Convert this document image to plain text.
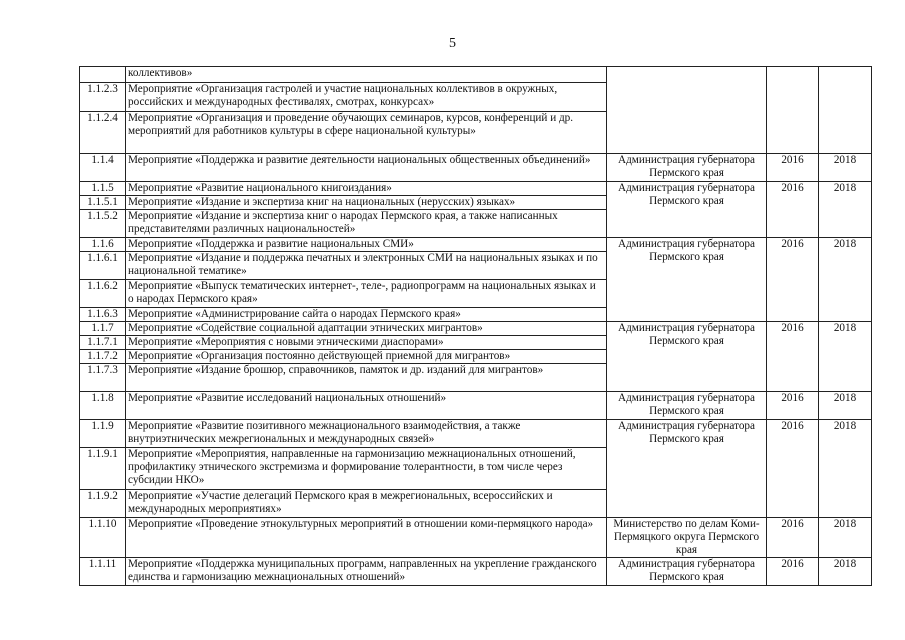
5
	коллективов»			
1.1.2.3	Мероприятие «Организация гастролей и участие национальных коллективов в окружных, российских и международных фестивалях, смотрах, конкурсах»			
1.1.2.4	Мероприятие «Организация и проведение обучающих семинаров, курсов, конференций и др. мероприятий для работников культуры в сфере национальной культуры»			
1.1.4	Мероприятие «Поддержка и развитие деятельности национальных общественных объединений»	Администрация губернатора Пермского края	2016	2018
1.1.5	Мероприятие «Развитие национального книгоиздания»	Администрация губернатора Пермского края	2016	2018
1.1.5.1	Мероприятие «Издание и экспертиза книг на национальных (нерусских) языках»			
1.1.5.2	Мероприятие «Издание и экспертиза книг о народах Пермского края, а также написанных представителями различных национальностей»			
1.1.6	Мероприятие «Поддержка и развитие национальных СМИ»	Администрация губернатора Пермского края	2016	2018
1.1.6.1	Мероприятие «Издание и поддержка печатных и электронных СМИ на национальных языках и по национальной тематике»			
1.1.6.2	Мероприятие «Выпуск тематических интернет-, теле-, радиопрограмм на национальных языках и о народах Пермского края»			
1.1.6.3	Мероприятие «Администрирование сайта о народах Пермского края»			
1.1.7	Мероприятие «Содействие социальной адаптации этнических мигрантов»	Администрация губернатора Пермского края	2016	2018
1.1.7.1	Мероприятие «Мероприятия с новыми этническими диаспорами»			
1.1.7.2	Мероприятие «Организация постоянно действующей приемной для мигрантов»			
1.1.7.3	Мероприятие «Издание брошюр, справочников, памяток и др. изданий для мигрантов»			
1.1.8	Мероприятие «Развитие исследований национальных отношений»	Администрация губернатора Пермского края	2016	2018
1.1.9	Мероприятие «Развитие позитивного межнационального взаимодействия, а также внутриэтнических межрегиональных и международных связей»	Администрация губернатора Пермского края	2016	2018
1.1.9.1	Мероприятие «Мероприятия, направленные на гармонизацию межнациональных отношений, профилактику этнического экстремизма и формирование толерантности, в том числе через субсидии НКО»			
1.1.9.2	Мероприятие «Участие делегаций Пермского края в межрегиональных, всероссийских и международных мероприятиях»			
1.1.10	Мероприятие «Проведение этнокультурных мероприятий в отношении коми-пермяцкого народа»	Министерство по делам Коми-Пермяцкого округа Пермского края	2016	2018
1.1.11	Мероприятие «Поддержка муниципальных программ, направленных на укрепление гражданского единства и гармонизацию межнациональных отношений»	Администрация губернатора Пермского края	2016	2018
